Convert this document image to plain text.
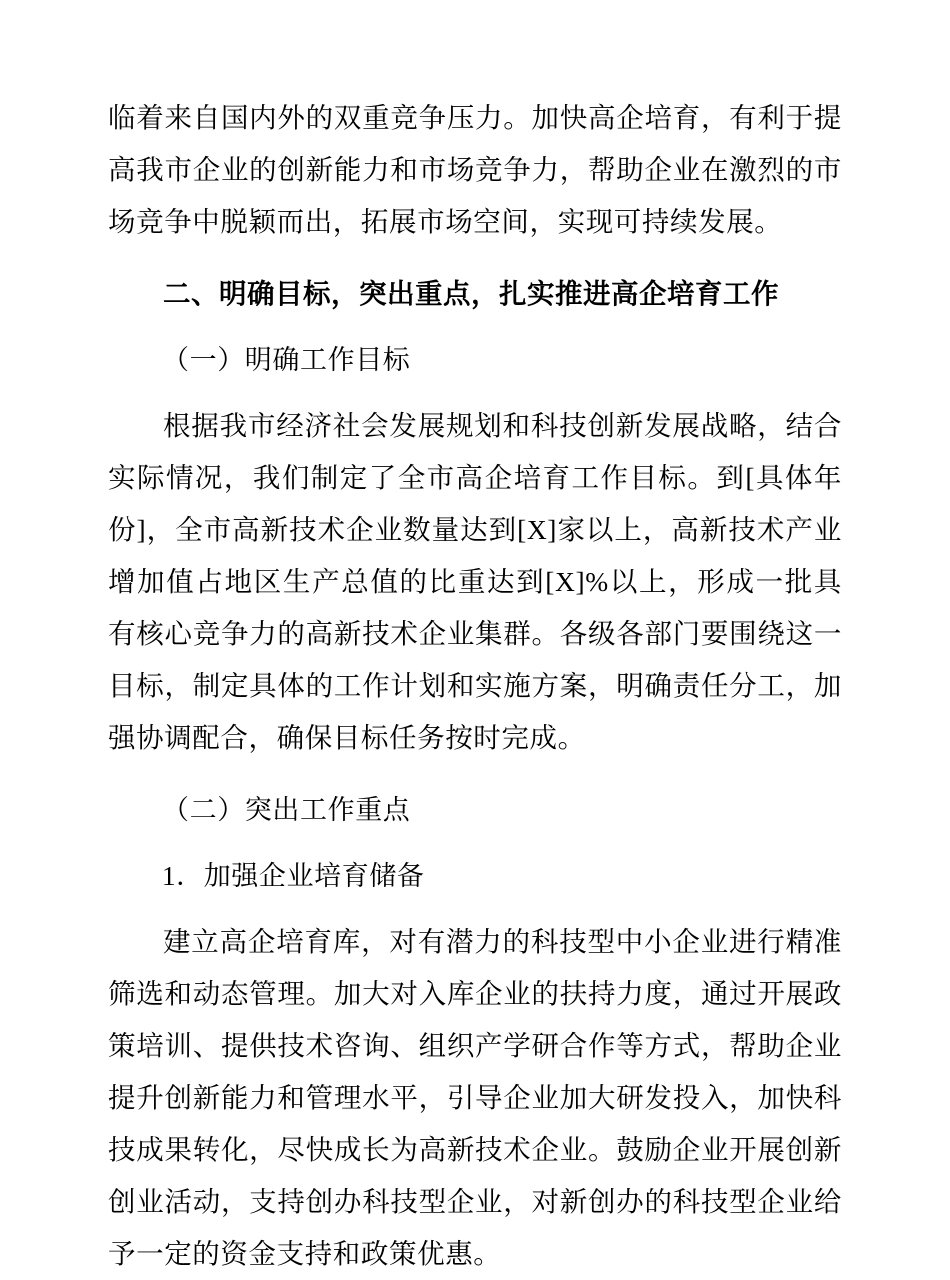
临着来自国内外的双重竞争压力。加快高企培育，有利于提高我市企业的创新能力和市场竞争力，帮助企业在激烈的市场竞争中脱颖而出，拓展市场空间，实现可持续发展。

二、明确目标，突出重点，扎实推进高企培育工作

（一）明确工作目标

根据我市经济社会发展规划和科技创新发展战略，结合实际情况，我们制定了全市高企培育工作目标。到[具体年份]，全市高新技术企业数量达到[X]家以上，高新技术产业增加值占地区生产总值的比重达到[X]%以上，形成一批具有核心竞争力的高新技术企业集群。各级各部门要围绕这一目标，制定具体的工作计划和实施方案，明确责任分工，加强协调配合，确保目标任务按时完成。

（二）突出工作重点

1．加强企业培育储备

建立高企培育库，对有潜力的科技型中小企业进行精准筛选和动态管理。加大对入库企业的扶持力度，通过开展政策培训、提供技术咨询、组织产学研合作等方式，帮助企业提升创新能力和管理水平，引导企业加大研发投入，加快科技成果转化，尽快成长为高新技术企业。鼓励企业开展创新创业活动，支持创办科技型企业，对新创办的科技型企业给予一定的资金支持和政策优惠。
